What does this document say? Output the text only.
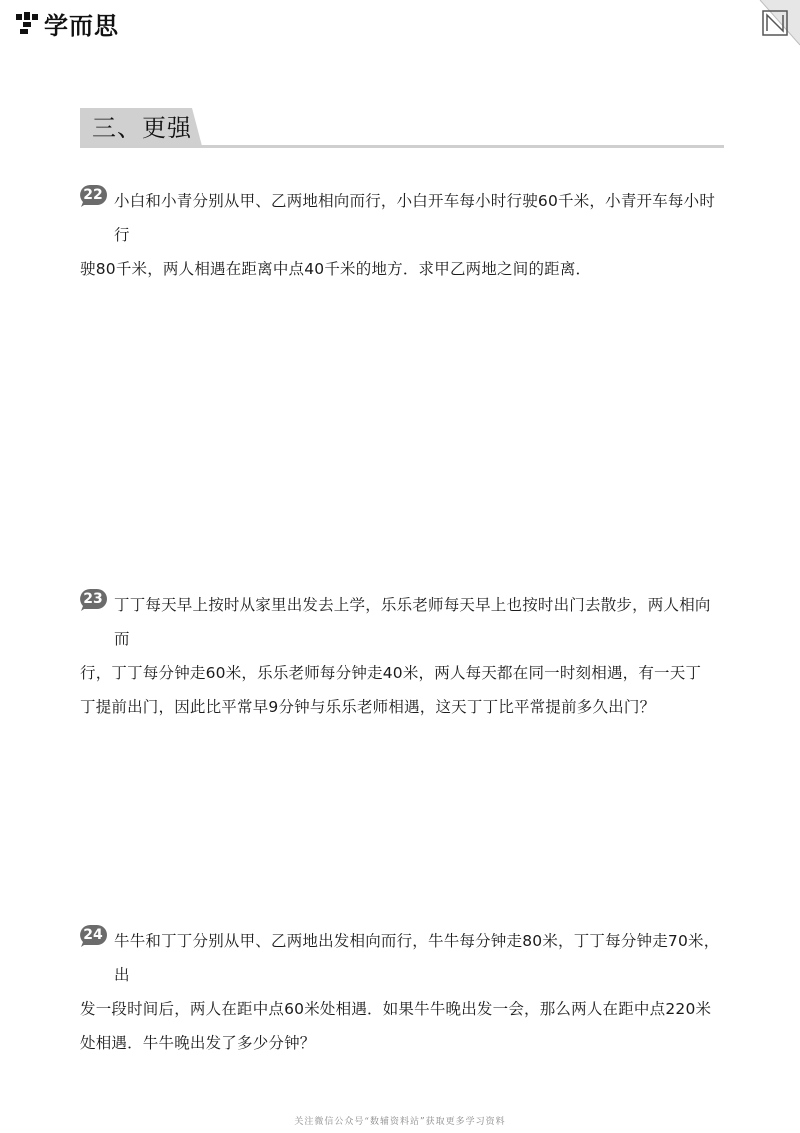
学而思
三、更强
22 小白和小青分别从甲、乙两地相向而行，小白开车每小时行驶60千米，小青开车每小时行
驶80千米，两人相遇在距离中点40千米的地方．求甲乙两地之间的距离．

23 丁丁每天早上按时从家里出发去上学，乐乐老师每天早上也按时出门去散步，两人相向而
行，丁丁每分钟走60米，乐乐老师每分钟走40米，两人每天都在同一时刻相遇，有一天丁
丁提前出门，因此比平常早9分钟与乐乐老师相遇，这天丁丁比平常提前多久出门？

24 牛牛和丁丁分别从甲、乙两地出发相向而行，牛牛每分钟走80米，丁丁每分钟走70米，出
发一段时间后，两人在距中点60米处相遇．如果牛牛晚出发一会，那么两人在距中点220米
处相遇．牛牛晚出发了多少分钟？

关注微信公众号“数辅资料站”获取更多学习资料
